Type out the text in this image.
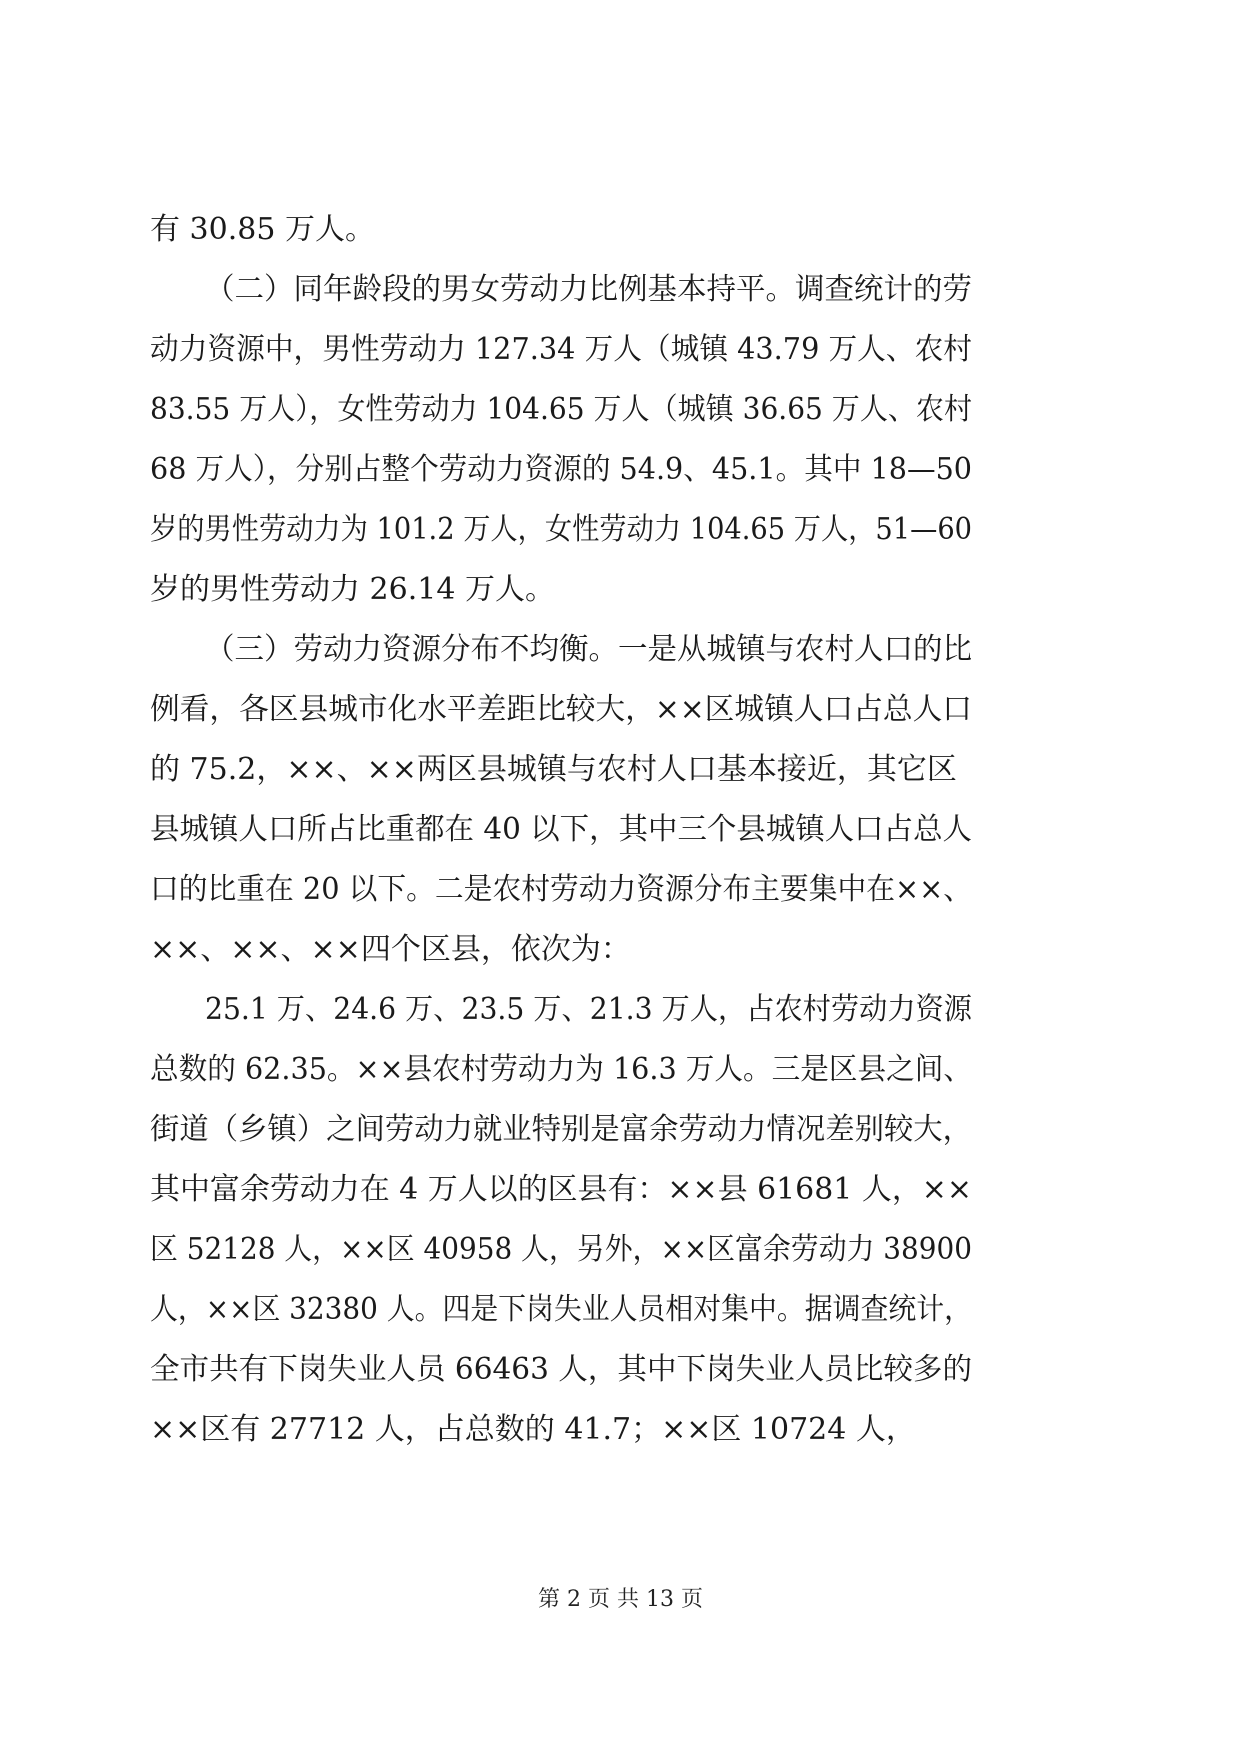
有 30.85 万人。
（二）同年龄段的男女劳动力比例基本持平。调查统计的劳
动力资源中，男性劳动力 127.34 万人（城镇 43.79 万人、农村
83.55 万人），女性劳动力 104.65 万人（城镇 36.65 万人、农村
68 万人），分别占整个劳动力资源的 54.9、45.1。其中 18—50
岁的男性劳动力为 101.2 万人，女性劳动力 104.65 万人，51—60
岁的男性劳动力 26.14 万人。
（三）劳动力资源分布不均衡。一是从城镇与农村人口的比
例看，各区县城市化水平差距比较大，××区城镇人口占总人口
的 75.2，××、××两区县城镇与农村人口基本接近，其它区
县城镇人口所占比重都在 40 以下，其中三个县城镇人口占总人
口的比重在 20 以下。二是农村劳动力资源分布主要集中在××、
××、××、××四个区县，依次为：
25.1 万、24.6 万、23.5 万、21.3 万人，占农村劳动力资源
总数的 62.35。××县农村劳动力为 16.3 万人。三是区县之间、
街道（乡镇）之间劳动力就业特别是富余劳动力情况差别较大，
其中富余劳动力在 4 万人以的区县有：××县 61681 人，××
区 52128 人，××区 40958 人，另外，××区富余劳动力 38900
人，××区 32380 人。四是下岗失业人员相对集中。据调查统计，
全市共有下岗失业人员 66463 人，其中下岗失业人员比较多的
××区有 27712 人，占总数的 41.7；××区 10724 人，
第 2 页 共 13 页
